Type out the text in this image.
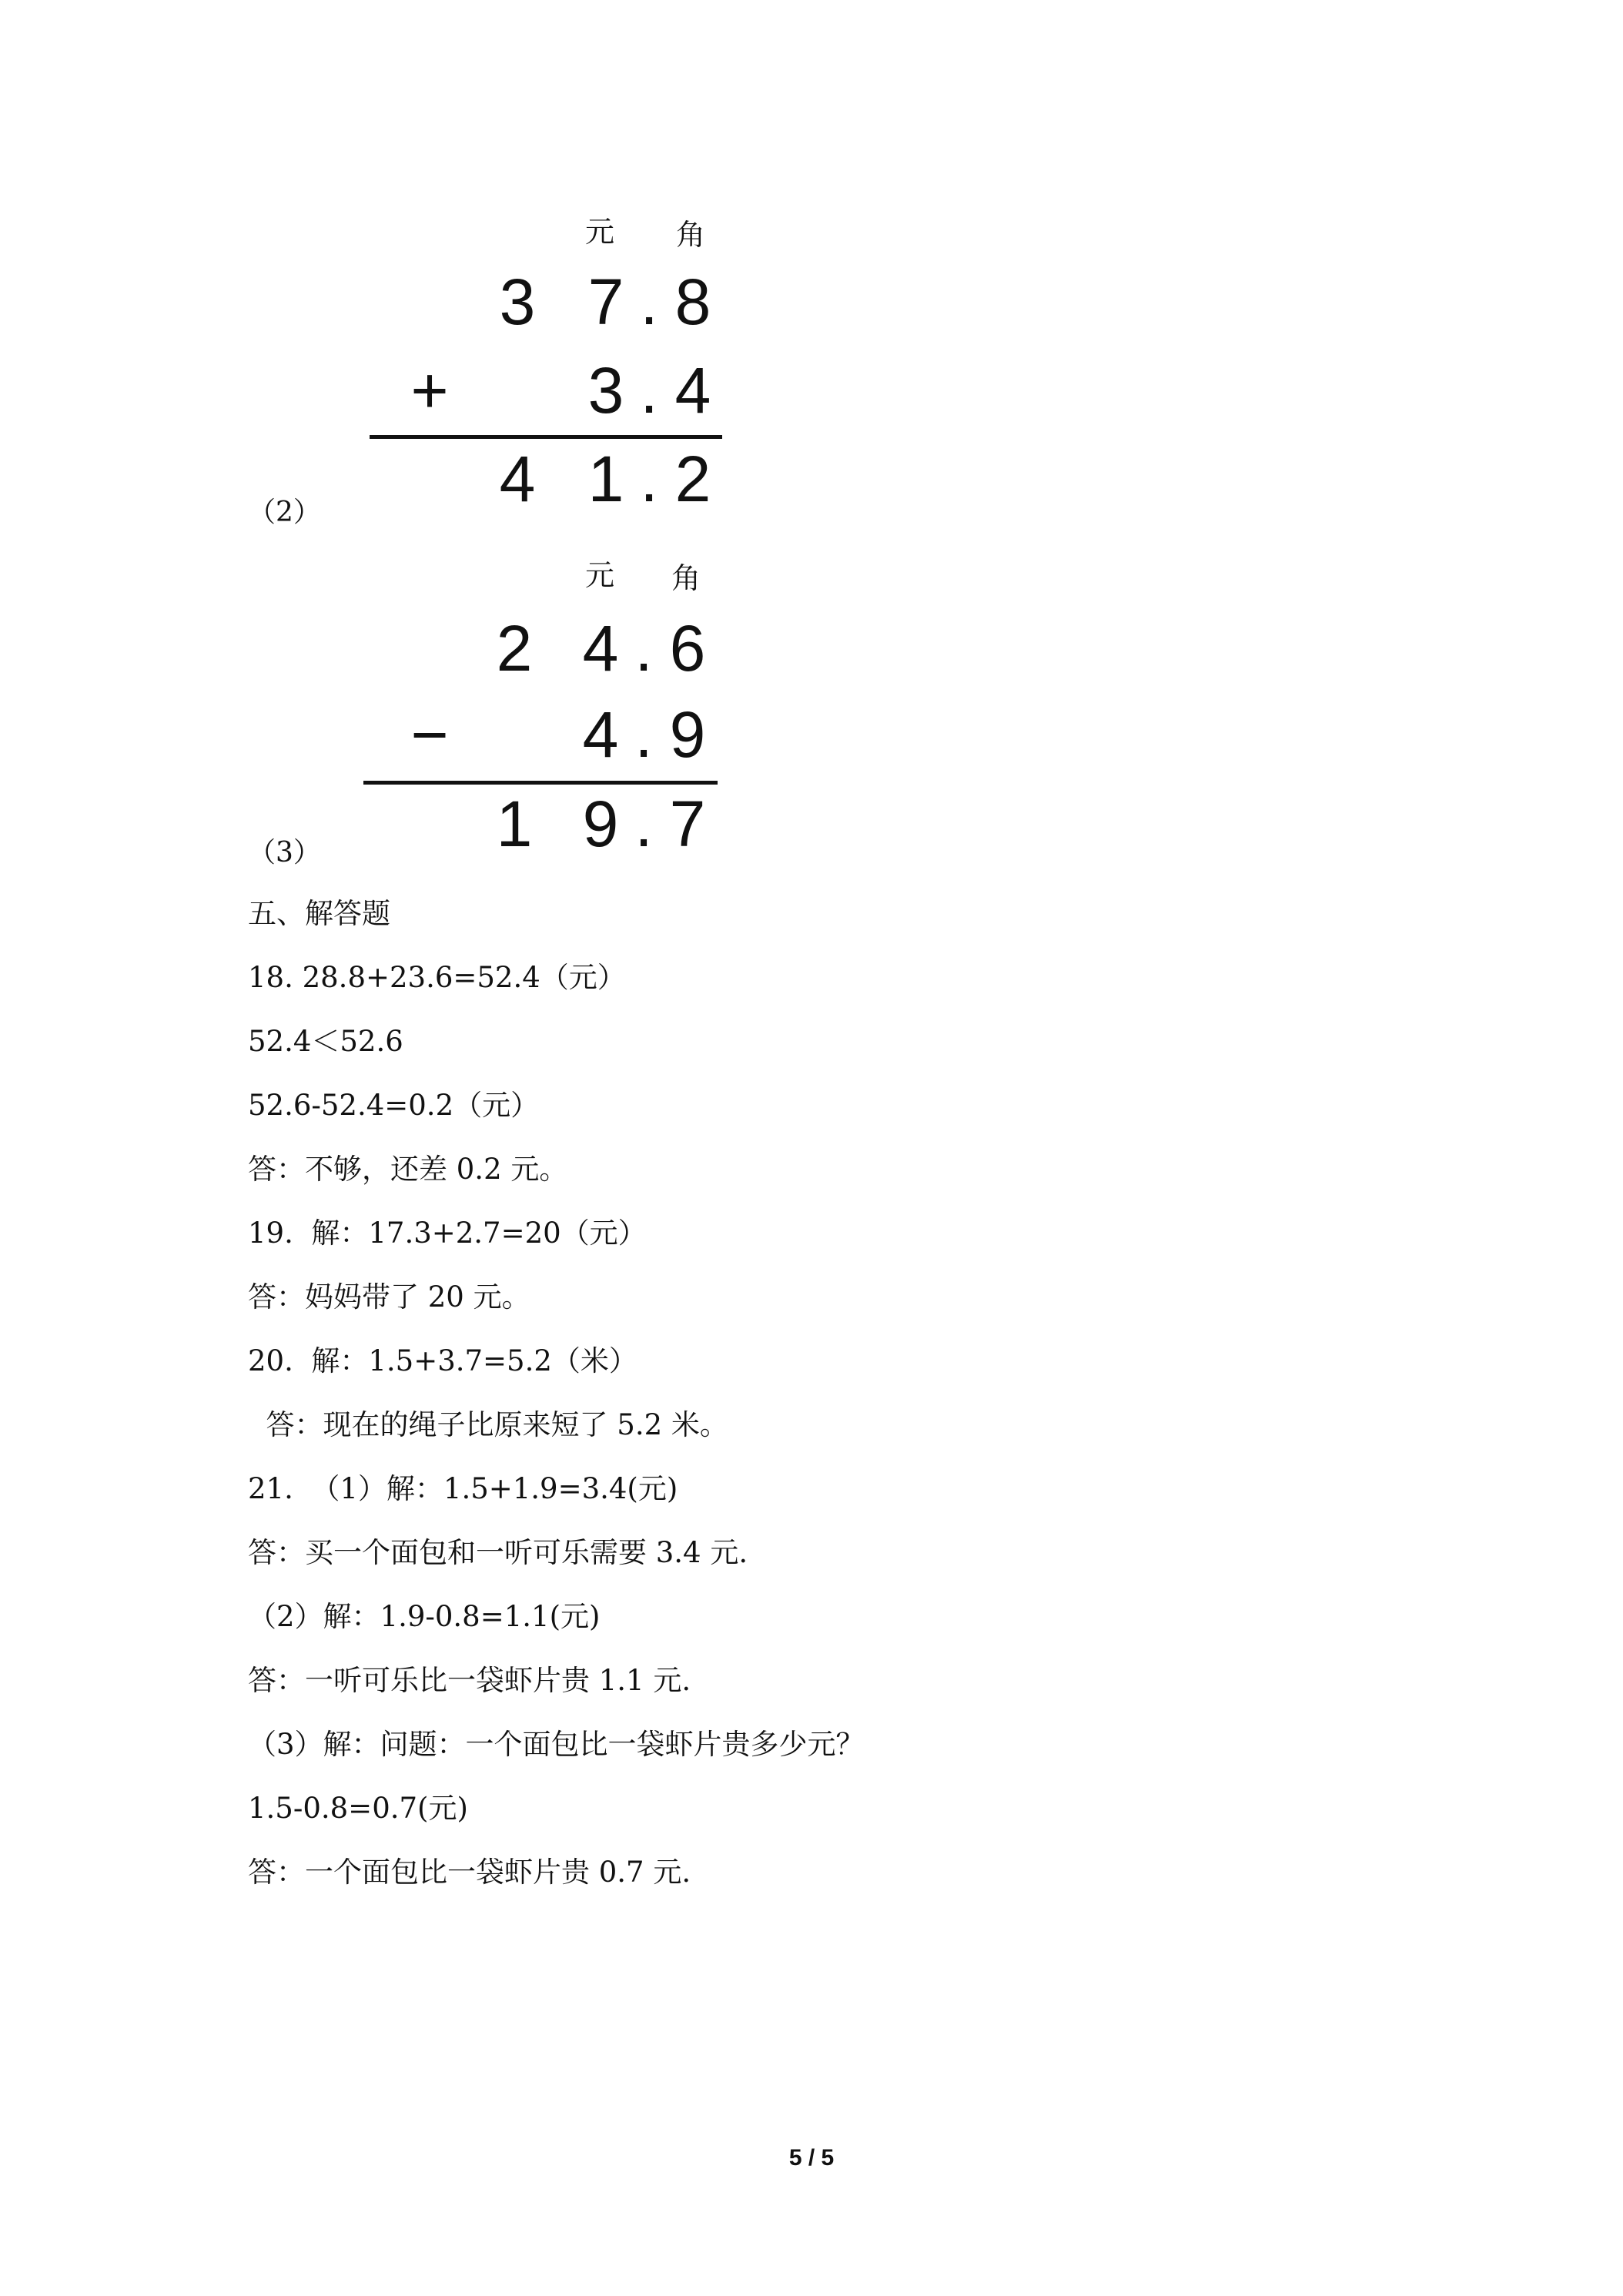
元 角
3 7 . 8
+ 3 . 4
4 1 . 2
（2）
元 角
2 4 . 6
− 4 . 9
1 9 . 7
（3）
五、解答题
18. 28.8+23.6=52.4（元）
52.4＜52.6
52.6-52.4=0.2（元）
答：不够，还差 0.2 元。
19.  解：17.3+2.7=20（元）
答：妈妈带了 20 元。
20.  解：1.5+3.7=5.2（米）
答：现在的绳子比原来短了 5.2 米。
21.  （1）解：1.5+1.9=3.4(元)
答：买一个面包和一听可乐需要 3.4 元.
（2）解：1.9-0.8=1.1(元)
答：一听可乐比一袋虾片贵 1.1 元.
（3）解：问题：一个面包比一袋虾片贵多少元？
1.5-0.8=0.7(元)
答：一个面包比一袋虾片贵 0.7 元.
5 / 5
